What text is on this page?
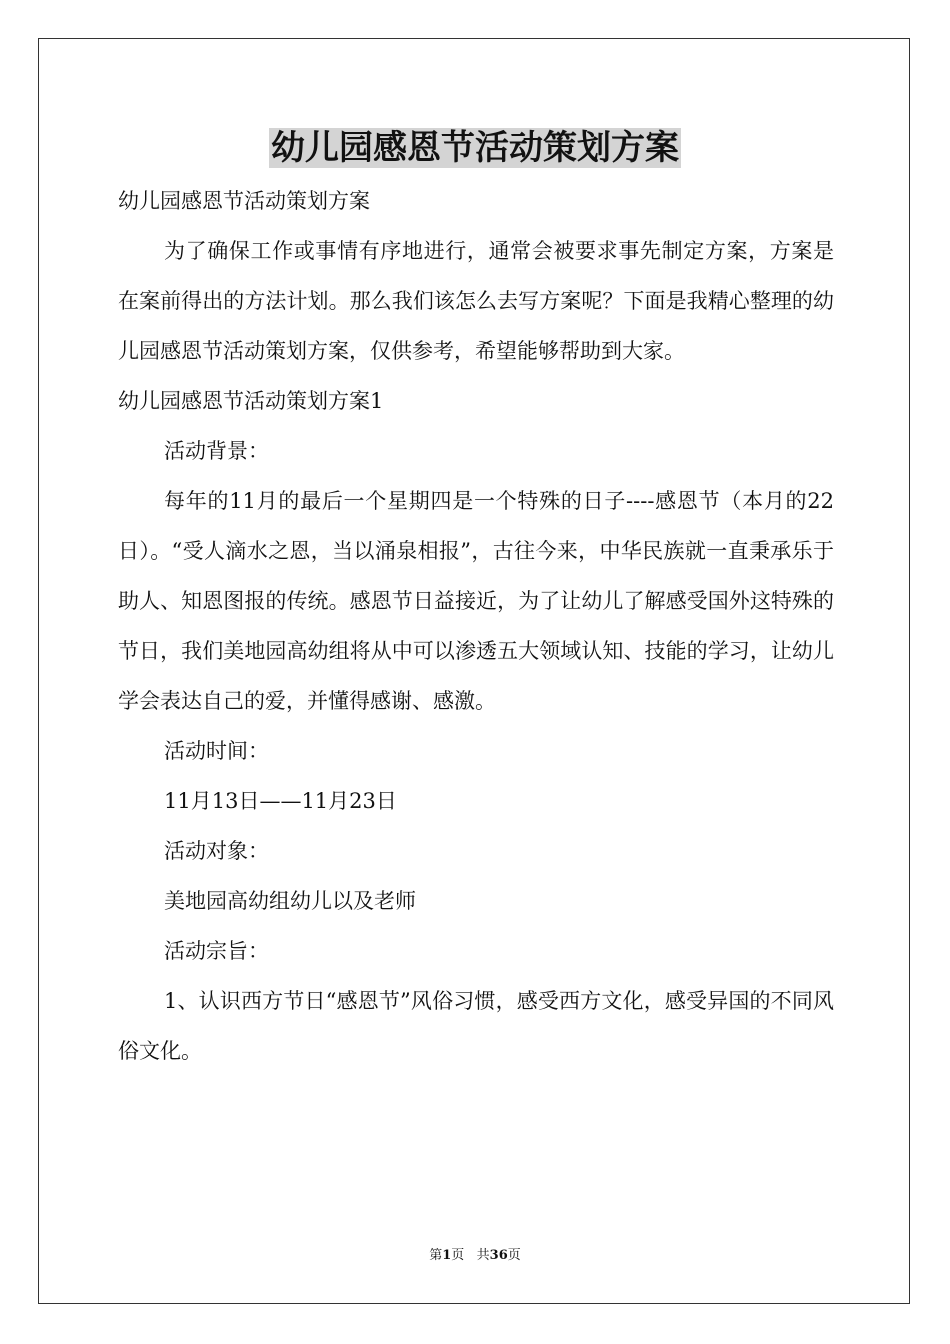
幼儿园感恩节活动策划方案

幼儿园感恩节活动策划方案

为了确保工作或事情有序地进行，通常会被要求事先制定方案，方案是在案前得出的方法计划。那么我们该怎么去写方案呢？下面是我精心整理的幼儿园感恩节活动策划方案，仅供参考，希望能够帮助到大家。

幼儿园感恩节活动策划方案1

活动背景：

每年的11月的最后一个星期四是一个特殊的日子----感恩节（本月的22日）。“受人滴水之恩，当以涌泉相报”，古往今来，中华民族就一直秉承乐于助人、知恩图报的传统。感恩节日益接近，为了让幼儿了解感受国外这特殊的节日，我们美地园高幼组将从中可以渗透五大领域认知、技能的学习，让幼儿学会表达自己的爱，并懂得感谢、感激。

活动时间：

11月13日——11月23日

活动对象：

美地园高幼组幼儿以及老师

活动宗旨：

1、认识西方节日“感恩节”风俗习惯，感受西方文化，感受异国的不同风俗文化。

第1页   共36页
